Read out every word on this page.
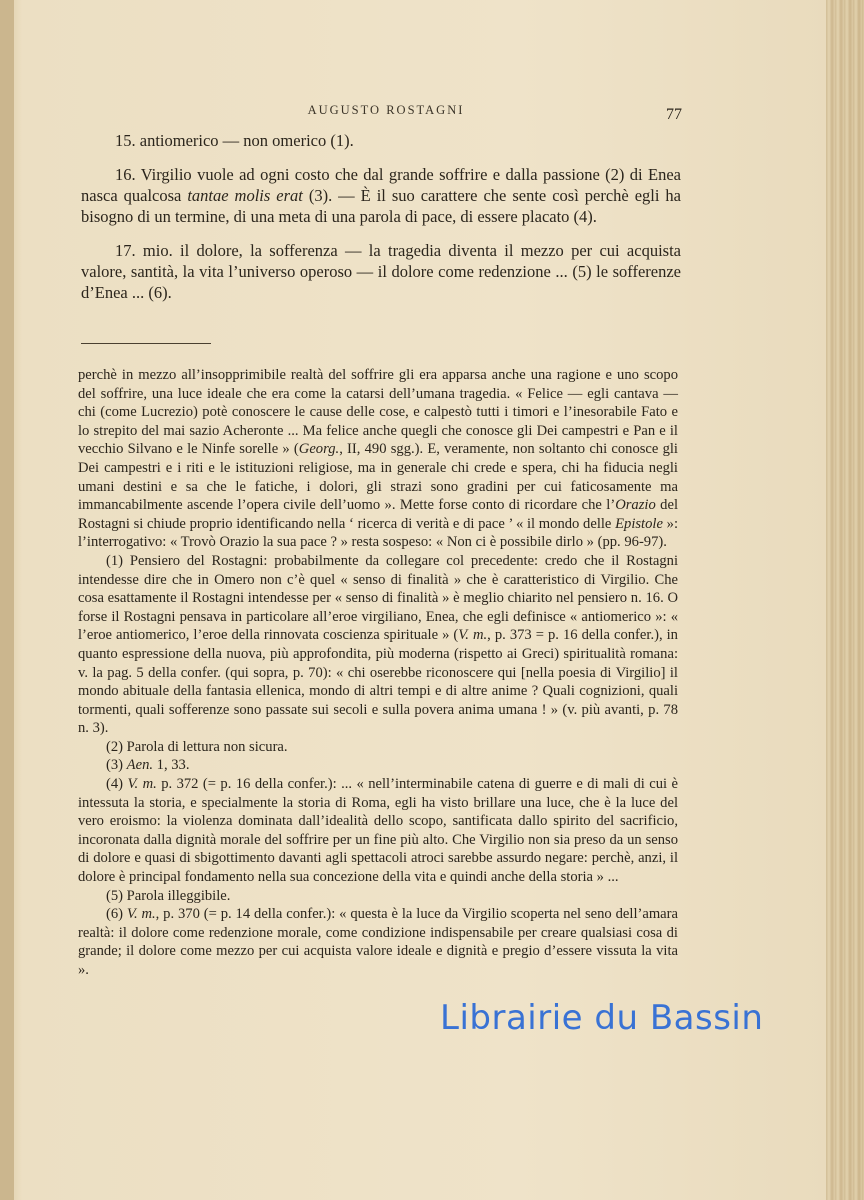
AUGUSTO ROSTAGNI	77

15. antiomerico — non omerico (1).

16. Virgilio vuole ad ogni costo che dal grande soffrire e dalla passione (2) di Enea nasca qualcosa tantae molis erat (3). — È il suo carattere che sente così perchè egli ha bisogno di un termine, di una meta di una parola di pace, di essere placato (4).

17. mio. il dolore, la sofferenza — la tragedia diventa il mezzo per cui acquista valore, santità, la vita l’universo operoso — il dolore come redenzione ... (5) le sofferenze d’Enea ... (6).

perchè in mezzo all’insopprimibile realtà del soffrire gli era apparsa anche una ragione e uno scopo del soffrire, una luce ideale che era come la catarsi dell’umana tragedia. « Felice — egli cantava — chi (come Lucrezio) potè conoscere le cause delle cose, e calpestò tutti i timori e l’inesorabile Fato e lo strepito del mai sazio Acheronte ... Ma felice anche quegli che conosce gli Dei campestri e Pan e il vecchio Silvano e le Ninfe sorelle » (Georg., II, 490 sgg.). E, veramente, non soltanto chi conosce gli Dei campestri e i riti e le istituzioni religiose, ma in generale chi crede e spera, chi ha fiducia negli umani destini e sa che le fatiche, i dolori, gli strazi sono gradini per cui faticosamente ma immancabilmente ascende l’opera civile dell’uomo ». Mette forse conto di ricordare che l’Orazio del Rostagni si chiude proprio identificando nella ‘ ricerca di verità e di pace ’ « il mondo delle Epistole »: l’interrogativo: « Trovò Orazio la sua pace ? » resta sospeso: « Non ci è possibile dirlo » (pp. 96-97).

(1) Pensiero del Rostagni: probabilmente da collegare col precedente: credo che il Rostagni intendesse dire che in Omero non c’è quel « senso di finalità » che è caratteristico di Virgilio. Che cosa esattamente il Rostagni intendesse per « senso di finalità » è meglio chiarito nel pensiero n. 16. O forse il Rostagni pensava in particolare all’eroe virgiliano, Enea, che egli definisce « antiomerico »: « l’eroe antiomerico, l’eroe della rinnovata coscienza spirituale » (V. m., p. 373 = p. 16 della confer.), in quanto espressione della nuova, più approfondita, più moderna (rispetto ai Greci) spiritualità romana: v. la pag. 5 della confer. (qui sopra, p. 70): « chi oserebbe riconoscere qui [nella poesia di Virgilio] il mondo abituale della fantasia ellenica, mondo di altri tempi e di altre anime ? Quali cognizioni, quali tormenti, quali sofferenze sono passate sui secoli e sulla povera anima umana ! » (v. più avanti, p. 78 n. 3).

(2) Parola di lettura non sicura.

(3) Aen. 1, 33.

(4) V. m. p. 372 (= p. 16 della confer.): ... « nell’interminabile catena di guerre e di mali di cui è intessuta la storia, e specialmente la storia di Roma, egli ha visto brillare una luce, che è la luce del vero eroismo: la violenza dominata dall’idealità dello scopo, santificata dallo spirito del sacrificio, incoronata dalla dignità morale del soffrire per un fine più alto. Che Virgilio non sia preso da un senso di dolore e quasi di sbigottimento davanti agli spettacoli atroci sarebbe assurdo negare: perchè, anzi, il dolore è principal fondamento nella sua concezione della vita e quindi anche della storia » ...

(5) Parola illeggibile.

(6) V. m., p. 370 (= p. 14 della confer.): « questa è la luce da Virgilio scoperta nel seno dell’amara realtà: il dolore come redenzione morale, come condizione indispensabile per creare qualsiasi cosa di grande; il dolore come mezzo per cui acquista valore ideale e dignità e pregio d’essere vissuta la vita ».

Librairie du Bassin
